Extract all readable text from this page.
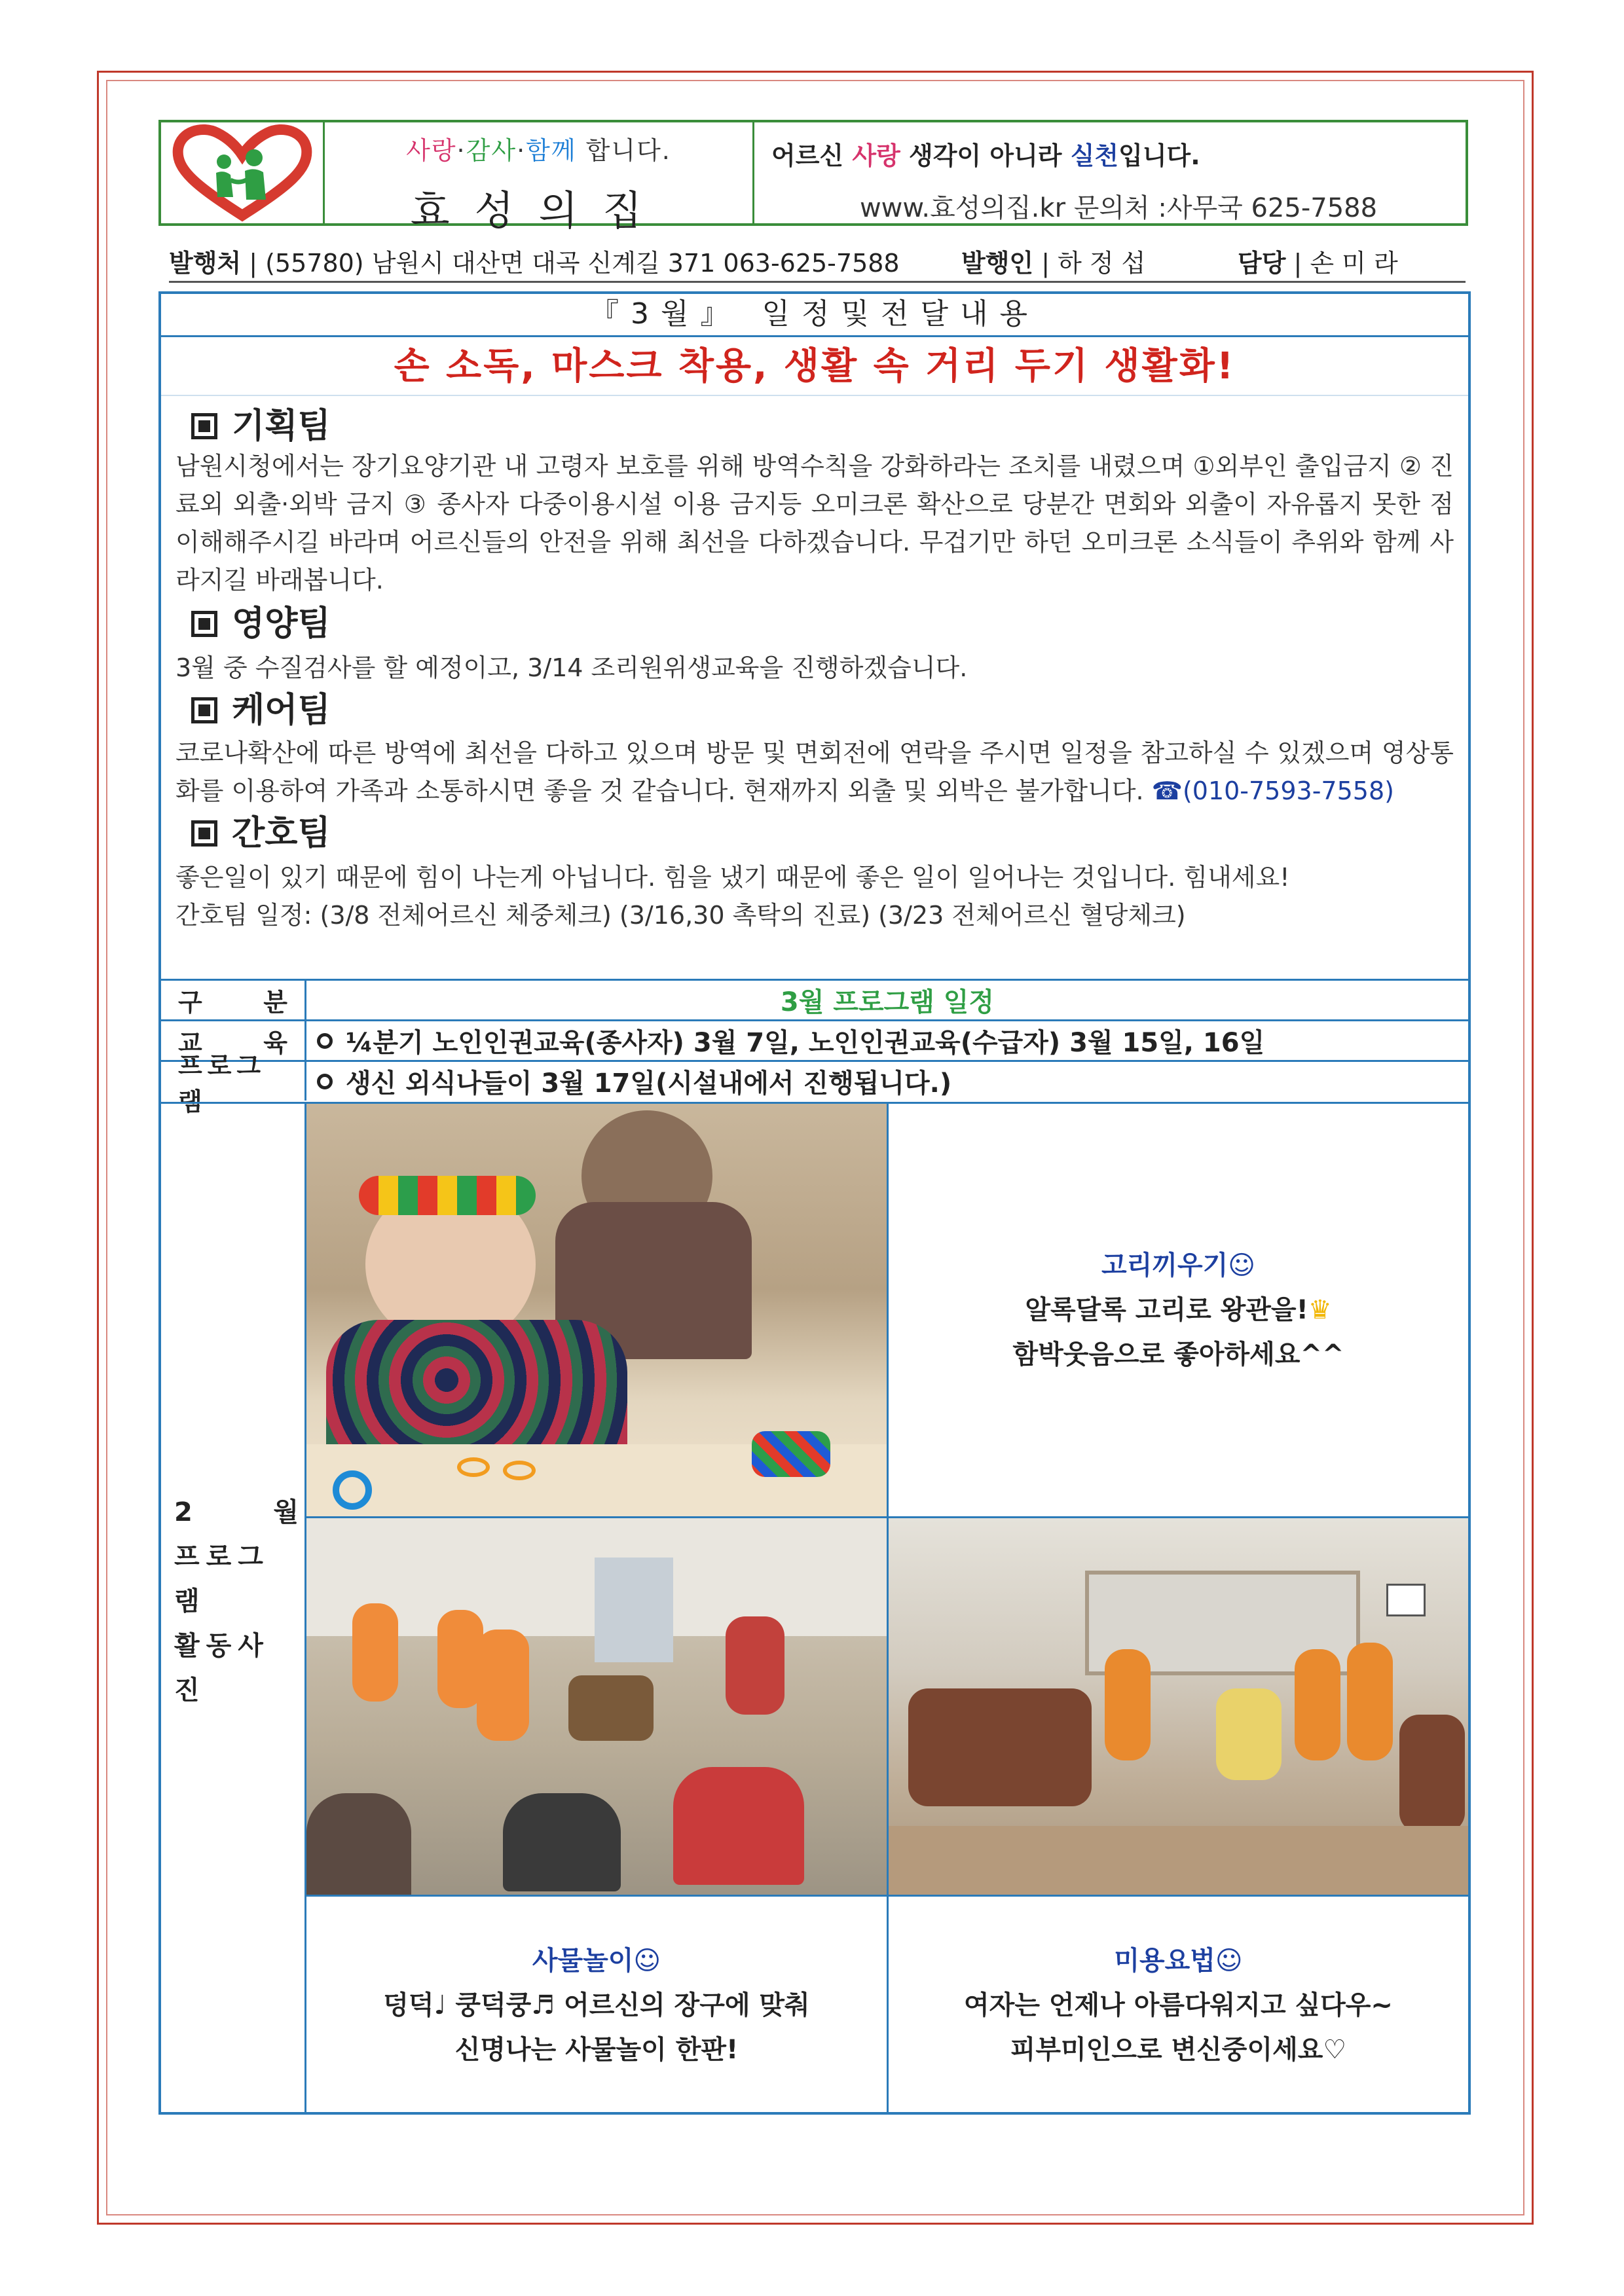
사랑·감사·함께 합니다.
효성의집
어르신 사랑 생각이 아니라 실천입니다.
www.효성의집.kr 문의처 :사무국 625-7588
발행처 | (55780) 남원시 대산면 대곡 신계길 371 063-625-7588	발행인 | 하 정 섭	담당 | 손 미 라
『3월』 일정및전달내용
손 소독, 마스크 착용, 생활 속 거리 두기 생활화!
기획팀
남원시청에서는 장기요양기관 내 고령자 보호를 위해 방역수칙을 강화하라는 조치를 내렸으며 ①외부인 출입금지 ② 진료외 외출·외박 금지 ③ 종사자 다중이용시설 이용 금지등 오미크론 확산으로 당분간 면회와 외출이 자유롭지 못한 점 이해해주시길 바라며 어르신들의 안전을 위해 최선을 다하겠습니다. 무겁기만 하던 오미크론 소식들이 추위와 함께 사라지길 바래봅니다.
영양팀
3월 중 수질검사를 할 예정이고, 3/14 조리원위생교육을 진행하겠습니다.
케어팀
코로나확산에 따른 방역에 최선을 다하고 있으며 방문 및 면회전에 연락을 주시면 일정을 참고하실 수 있겠으며 영상통화를 이용하여 가족과 소통하시면 좋을 것 같습니다. 현재까지 외출 및 외박은 불가합니다. ☎(010-7593-7558)
간호팀
좋은일이 있기 때문에 힘이 나는게 아닙니다. 힘을 냈기 때문에 좋은 일이 일어나는 것입니다. 힘내세요!
간호팀 일정: (3/8 전체어르신 체중체크) (3/16,30 촉탁의 진료) (3/23 전체어르신 혈당체크)
구 분	3월 프로그램 일정
교 육 ¼분기 노인인권교육(종사자) 3월 7일, 노인인권교육(수급자) 3월 15일, 16일
프로그램
생신 외식나들이 3월 17일(시설내에서 진행됩니다.)
2	월
프로그램
활동사진
고리끼우기☺
알록달록 고리로 왕관을!♛
함박웃음으로 좋아하세요^^
사물놀이☺
덩덕♩ 쿵덕쿵♬ 어르신의 장구에 맞춰
신명나는 사물놀이 한판!
미용요법☺
여자는 언제나 아름다워지고 싶다우~
피부미인으로 변신중이세요♡
